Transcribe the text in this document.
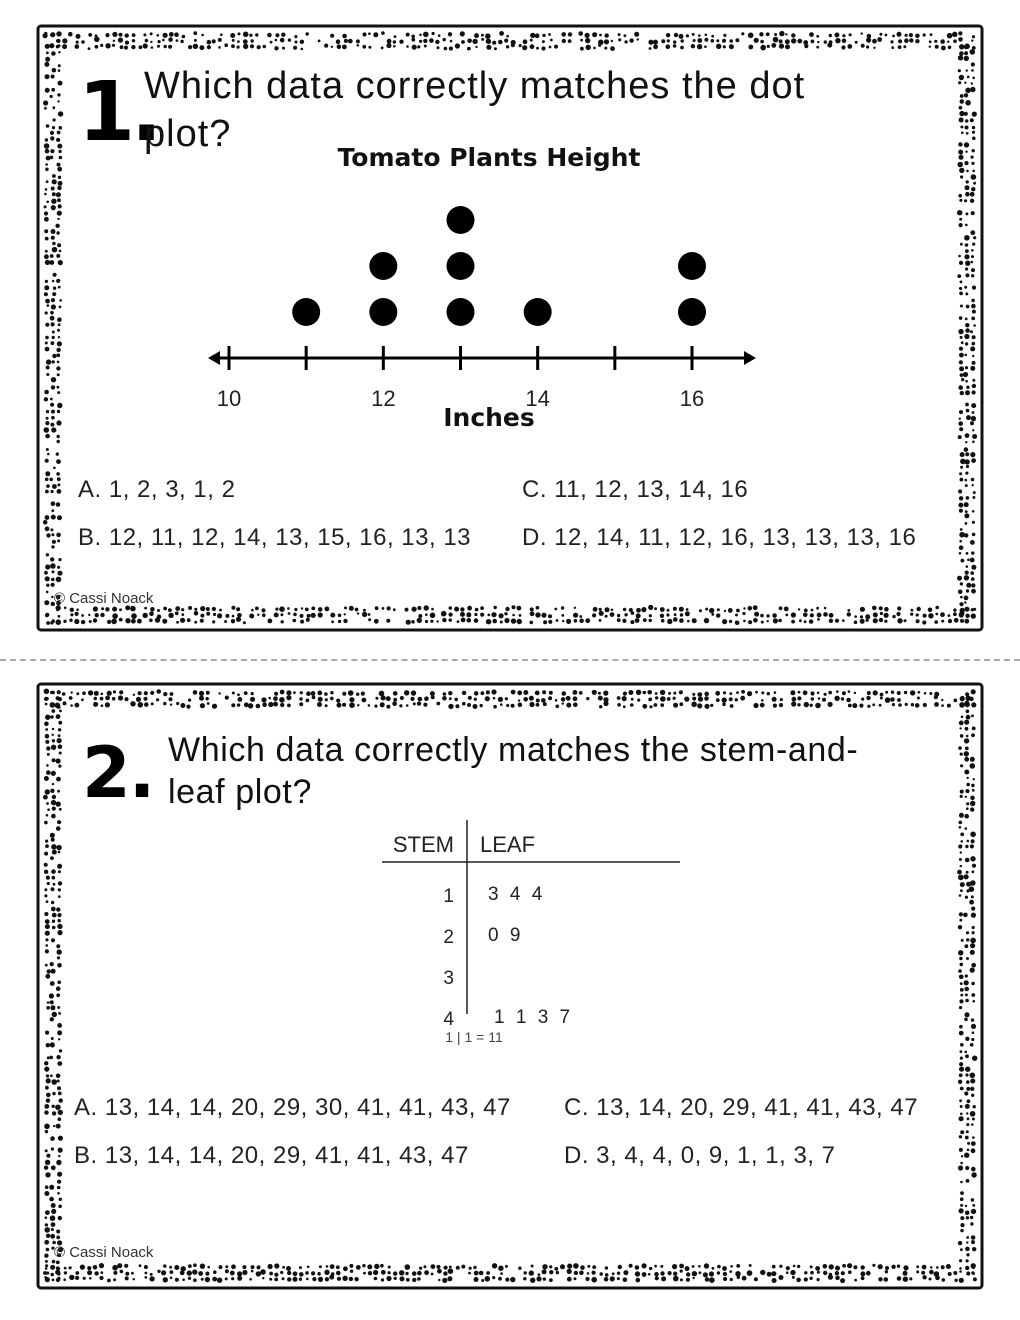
1.
Which data correctly matches the dot
plot?
Tomato Plants Height
10	12	14	16
Inches
A. 1, 2, 3, 1, 2
B. 12, 11, 12, 14, 13, 15, 16, 13, 13
C. 11, 12, 13, 14, 16
D. 12, 14, 11, 12, 16, 13, 13, 13, 16
© Cassi Noack
2. Which data correctly matches the stem-and-
leaf plot?
STEM LEAF
1 3 4 4
2 0 9
3
4 1 1 3 7
1 | 1 = 11
A. 13, 14, 14, 20, 29, 30, 41, 41, 43, 47
B. 13, 14, 14, 20, 29, 41, 41, 43, 47
C. 13, 14, 20, 29, 41, 41, 43, 47
D. 3, 4, 4, 0, 9, 1, 1, 3, 7
© Cassi Noack
